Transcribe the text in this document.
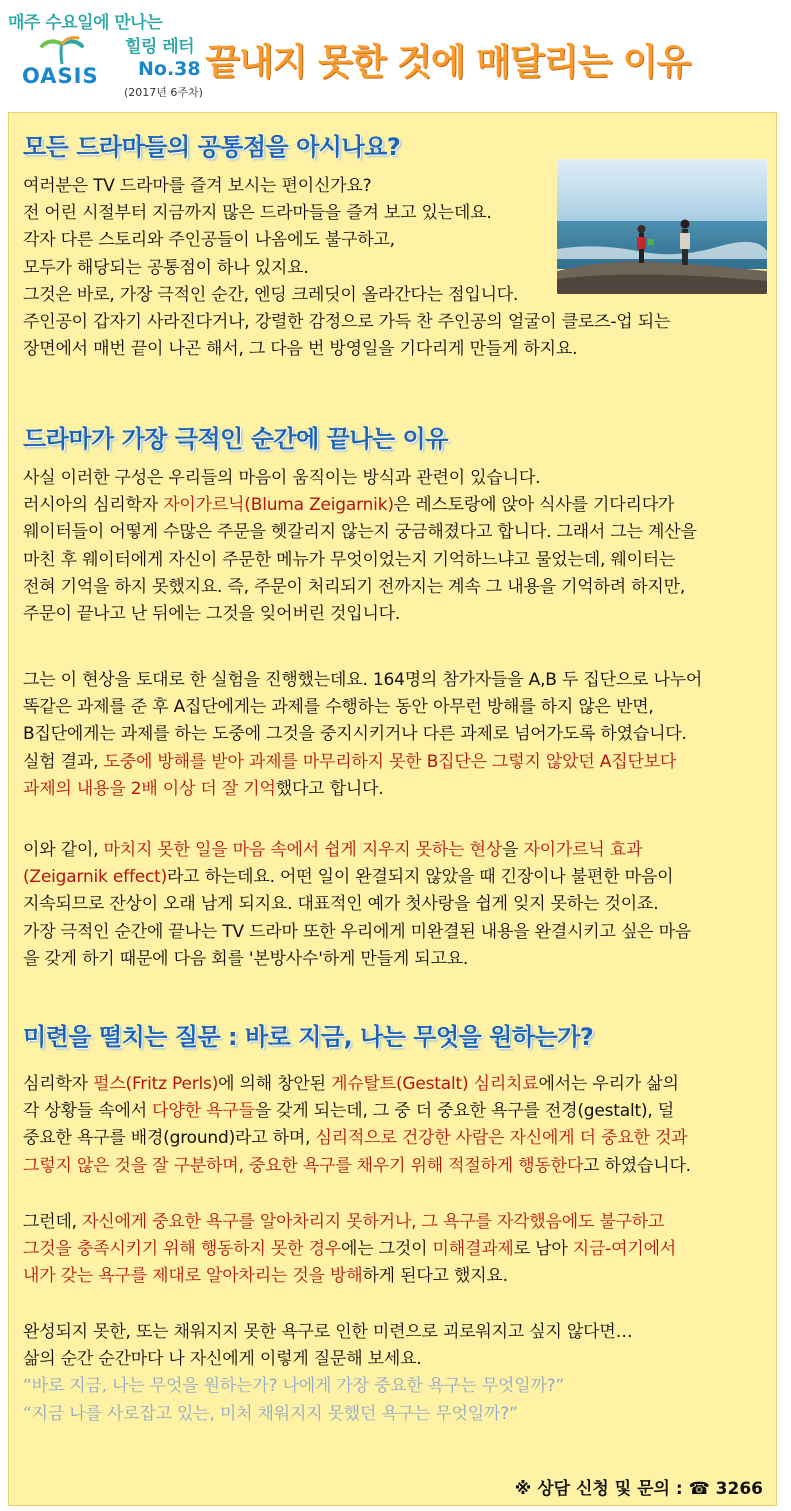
매주 수요일에 만나는
OASIS
힐링 레터
No.38
(2017년 6주차)
끝내지 못한 것에 매달리는 이유
모든 드라마들의 공통점을 아시나요?
여러분은 TV 드라마를 즐겨 보시는 편이신가요?
전 어린 시절부터 지금까지 많은 드라마들을 즐겨 보고 있는데요.
각자 다른 스토리와 주인공들이 나옴에도 불구하고,
모두가 해당되는 공통점이 하나 있지요.
그것은 바로, 가장 극적인 순간, 엔딩 크레딧이 올라간다는 점입니다.
주인공이 갑자기 사라진다거나, 강렬한 감정으로 가득 찬 주인공의 얼굴이 클로즈-업 되는
장면에서 매번 끝이 나곤 해서, 그 다음 번 방영일을 기다리게 만들게 하지요.
드라마가 가장 극적인 순간에 끝나는 이유
사실 이러한 구성은 우리들의 마음이 움직이는 방식과 관련이 있습니다.
러시아의 심리학자 자이가르닉(Bluma Zeigarnik)은 레스토랑에 앉아 식사를 기다리다가
웨이터들이 어떻게 수많은 주문을 헷갈리지 않는지 궁금해졌다고 합니다. 그래서 그는 계산을
마친 후 웨이터에게 자신이 주문한 메뉴가 무엇이었는지 기억하느냐고 물었는데, 웨이터는
전혀 기억을 하지 못했지요. 즉, 주문이 처리되기 전까지는 계속 그 내용을 기억하려 하지만,
주문이 끝나고 난 뒤에는 그것을 잊어버린 것입니다.
그는 이 현상을 토대로 한 실험을 진행했는데요. 164명의 참가자들을 A,B 두 집단으로 나누어
똑같은 과제를 준 후 A집단에게는 과제를 수행하는 동안 아무런 방해를 하지 않은 반면,
B집단에게는 과제를 하는 도중에 그것을 중지시키거나 다른 과제로 넘어가도록 하였습니다.
실험 결과, 도중에 방해를 받아 과제를 마무리하지 못한 B집단은 그렇지 않았던 A집단보다
과제의 내용을 2배 이상 더 잘 기억했다고 합니다.
이와 같이, 마치지 못한 일을 마음 속에서 쉽게 지우지 못하는 현상을 자이가르닉 효과
(Zeigarnik effect)라고 하는데요. 어떤 일이 완결되지 않았을 때 긴장이나 불편한 마음이
지속되므로 잔상이 오래 남게 되지요. 대표적인 예가 첫사랑을 쉽게 잊지 못하는 것이죠.
가장 극적인 순간에 끝나는 TV 드라마 또한 우리에게 미완결된 내용을 완결시키고 싶은 마음
을 갖게 하기 때문에 다음 회를 '본방사수'하게 만들게 되고요.
미련을 떨치는 질문 : 바로 지금, 나는 무엇을 원하는가?
심리학자 펄스(Fritz Perls)에 의해 창안된 게슈탈트(Gestalt) 심리치료에서는 우리가 삶의
각 상황들 속에서 다양한 욕구들을 갖게 되는데, 그 중 더 중요한 욕구를 전경(gestalt), 덜
중요한 욕구를 배경(ground)라고 하며, 심리적으로 건강한 사람은 자신에게 더 중요한 것과
그렇지 않은 것을 잘 구분하며, 중요한 욕구를 채우기 위해 적절하게 행동한다고 하였습니다.
그런데, 자신에게 중요한 욕구를 알아차리지 못하거나, 그 욕구를 자각했음에도 불구하고
그것을 충족시키기 위해 행동하지 못한 경우에는 그것이 미해결과제로 남아 지금-여기에서
내가 갖는 욕구를 제대로 알아차리는 것을 방해하게 된다고 했지요.
완성되지 못한, 또는 채워지지 못한 욕구로 인한 미련으로 괴로워지고 싶지 않다면…
삶의 순간 순간마다 나 자신에게 이렇게 질문해 보세요.
“바로 지금, 나는 무엇을 원하는가? 나에게 가장 중요한 욕구는 무엇일까?”
“지금 나를 사로잡고 있는, 미처 채워지지 못했던 욕구는 무엇일까?”
※ 상담 신청 및 문의 : ☎ 3266
